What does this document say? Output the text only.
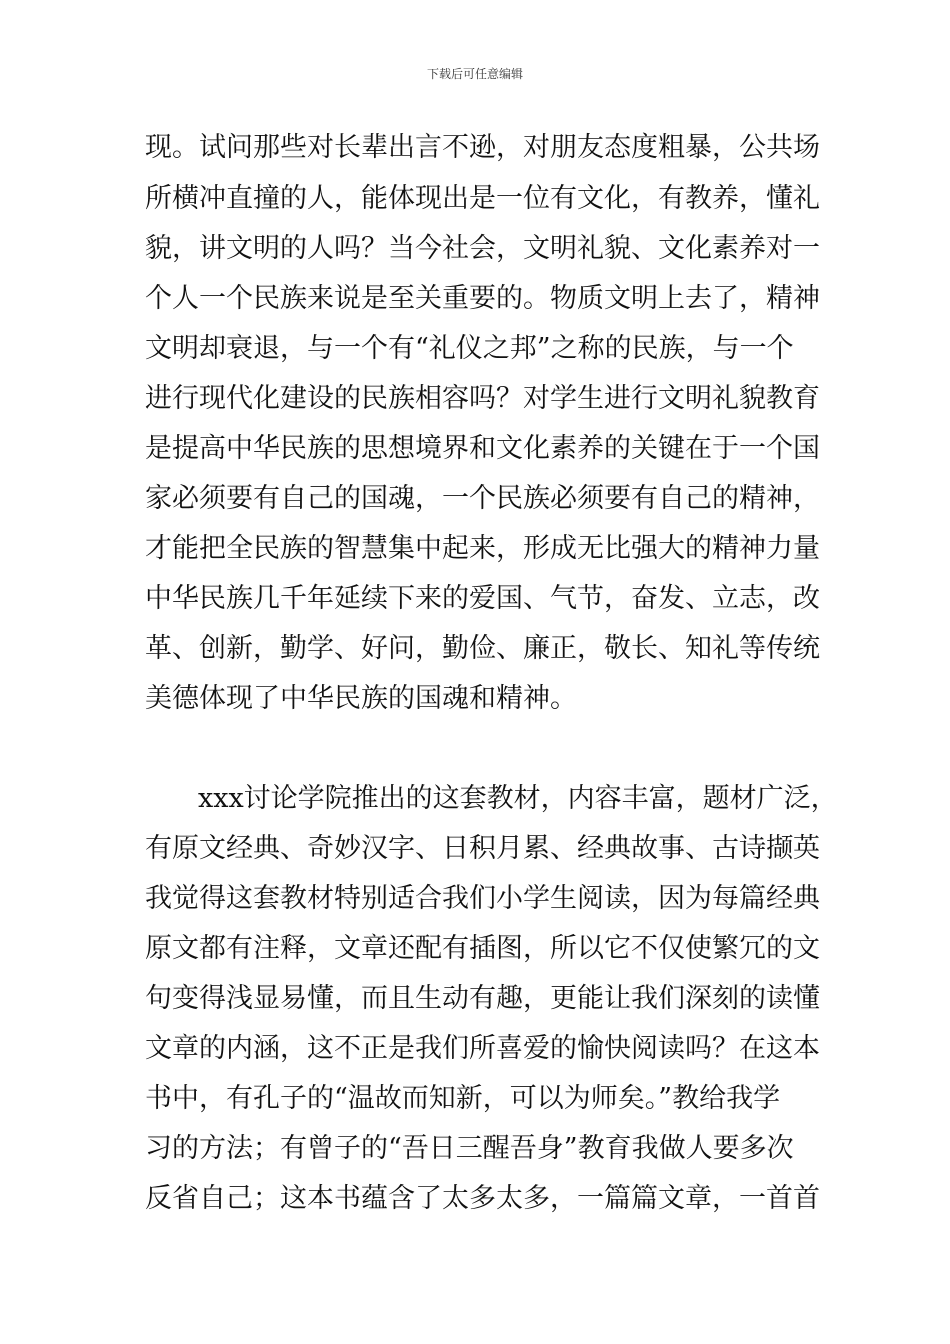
下载后可任意编辑
现。试问那些对长辈出言不逊，对朋友态度粗暴，公共场
所横冲直撞的人，能体现出是一位有文化，有教养，懂礼
貌，讲文明的人吗？当今社会，文明礼貌、文化素养对一
个人一个民族来说是至关重要的。物质文明上去了，精神
文明却衰退，与一个有“礼仪之邦”之称的民族，与一个
进行现代化建设的民族相容吗？对学生进行文明礼貌教育
是提高中华民族的思想境界和文化素养的关键在于一个国
家必须要有自己的国魂，一个民族必须要有自己的精神，
才能把全民族的智慧集中起来，形成无比强大的精神力量
中华民族几千年延续下来的爱国、气节，奋发、立志，改
革、创新，勤学、好问，勤俭、廉正，敬长、知礼等传统
美德体现了中华民族的国魂和精神。
xxx讨论学院推出的这套教材，内容丰富，题材广泛，
有原文经典、奇妙汉字、日积月累、经典故事、古诗撷英
我觉得这套教材特别适合我们小学生阅读，因为每篇经典
原文都有注释，文章还配有插图，所以它不仅使繁冗的文
句变得浅显易懂，而且生动有趣，更能让我们深刻的读懂
文章的内涵，这不正是我们所喜爱的愉快阅读吗？在这本
书中，有孔子的“温故而知新，可以为师矣。”教给我学
习的方法；有曾子的“吾日三醒吾身”教育我做人要多次
反省自己；这本书蕴含了太多太多，一篇篇文章，一首首
